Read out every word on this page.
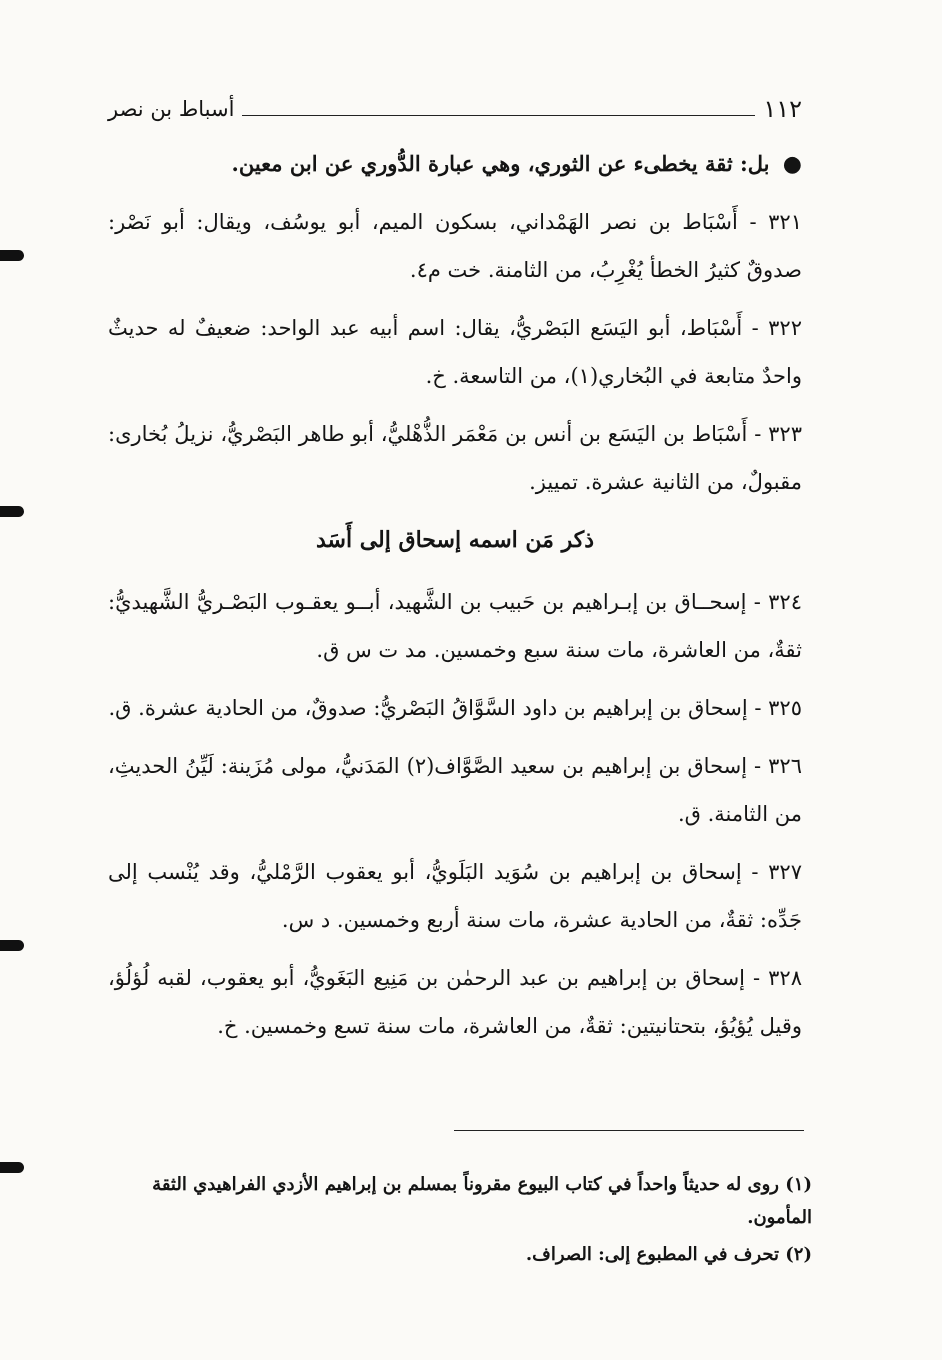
١١٢
أسباط بن نصر

● بل: ثقة يخطىء عن الثوري، وهي عبارة الدُّوري عن ابن معين.

٣٢١ - أَسْبَاط بن نصر الهَمْداني، بسكون الميم، أبو يوسُف، ويقال: أبو نَصْر: صدوقٌ كثيرُ الخطأ يُغْرِبُ، من الثامنة. خت م٤.

٣٢٢ - أَسْبَاط، أبو اليَسَع البَصْريُّ، يقال: اسم أبيه عبد الواحد: ضعيفٌ له حديثٌ واحدٌ متابعة في البُخاري(١)، من التاسعة. خ.

٣٢٣ - أَسْبَاط بن اليَسَع بن أنس بن مَعْمَر الذُّهْليُّ، أبو طاهر البَصْريُّ، نزيلُ بُخارى: مقبولٌ، من الثانية عشرة. تمييز.

ذكر مَن اسمه إسحاق إلى أَسَد

٣٢٤ - إسحــاق بن إبـراهيم بن حَبيب بن الشَّهيد، أبــو يعقـوب البَصْـريُّ الشَّهيديُّ: ثقةٌ، من العاشرة، مات سنة سبع وخمسين. مد ت س ق.

٣٢٥ - إسحاق بن إبراهيم بن داود السَّوَّاقُ البَصْريُّ: صدوقٌ، من الحادية عشرة. ق.

٣٢٦ - إسحاق بن إبراهيم بن سعيد الصَّوَّاف(٢) المَدَنيُّ، مولى مُزَينة: لَيِّنُ الحديثِ، من الثامنة. ق.

٣٢٧ - إسحاق بن إبراهيم بن سُوَيد البَلَويُّ، أبو يعقوب الرَّمْليُّ، وقد يُنْسب إلى جَدِّه: ثقةٌ، من الحادية عشرة، مات سنة أربع وخمسين. د س.

٣٢٨ - إسحاق بن إبراهيم بن عبد الرحمٰن بن مَنِيع البَغَويُّ، أبو يعقوب، لقبه لُؤلُؤ، وقيل يُؤيُؤ، بتحتانيتين: ثقةٌ، من العاشرة، مات سنة تسع وخمسين. خ.

(١) روى له حديثاً واحداً في كتاب البيوع مقروناً بمسلم بن إبراهيم الأزدي الفراهيدي الثقة المأمون.

(٢) تحرف في المطبوع إلى: الصراف.
